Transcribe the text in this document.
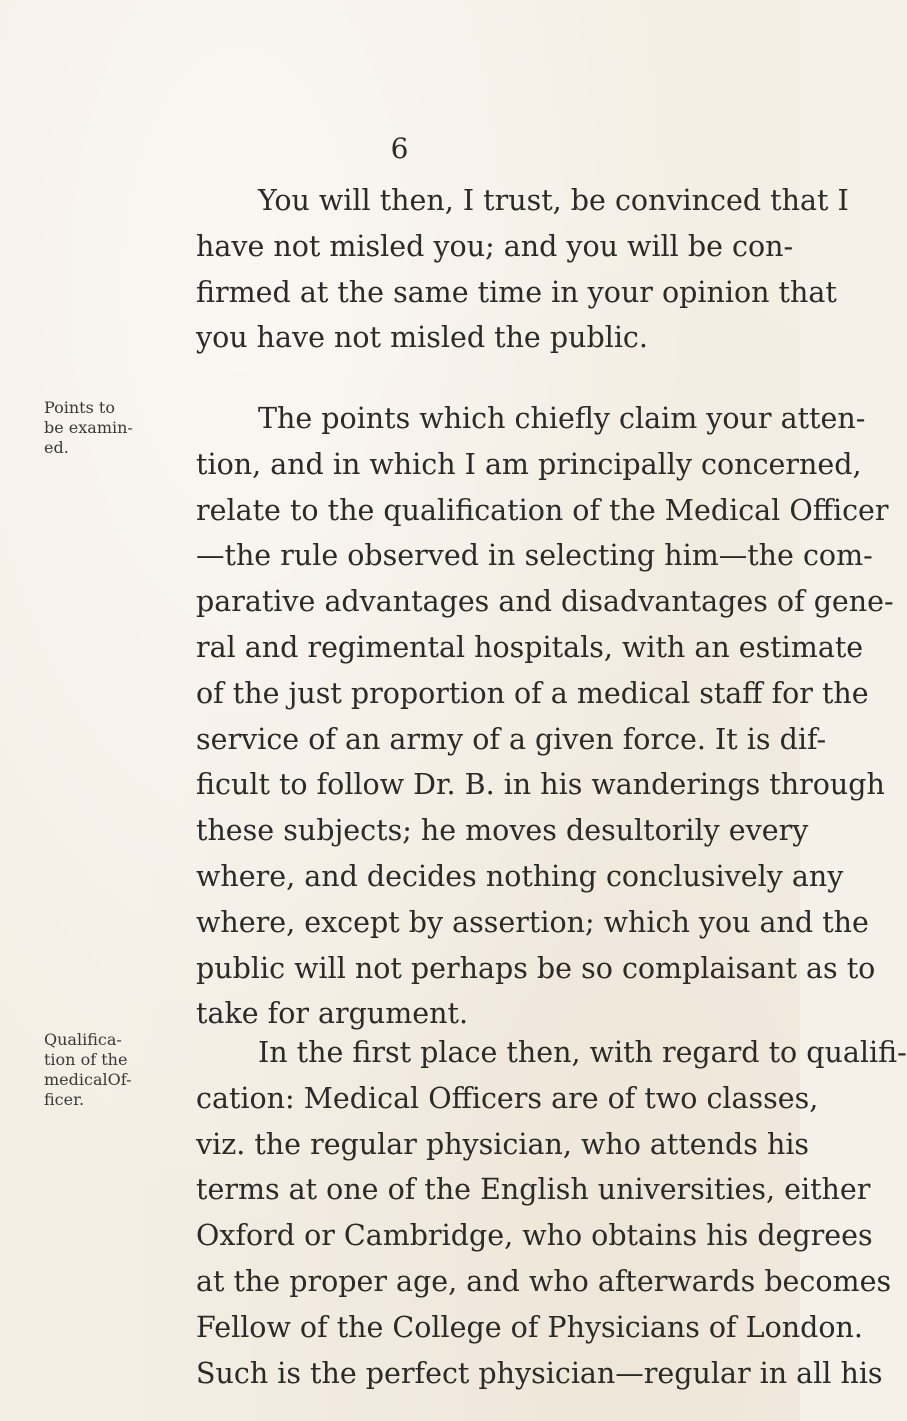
6
You will then, I trust, be convinced that I
have not misled you; and you will be con-
firmed at the same time in your opinion that
you have not misled the public.
Points to
be examin-
ed.
The points which chiefly claim your atten-
tion, and in which I am principally concerned,
relate to the qualification of the Medical Officer
—the rule observed in selecting him—the com-
parative advantages and disadvantages of gene-
ral and regimental hospitals, with an estimate
of the just proportion of a medical staff for the
service of an army of a given force. It is dif-
ficult to follow Dr. B. in his wanderings through
these subjects; he moves desultorily every
where, and decides nothing conclusively any
where, except by assertion; which you and the
public will not perhaps be so complaisant as to
take for argument.
Qualifica-
tion of the
medicalOf-
ficer.
In the first place then, with regard to qualifi-
cation: Medical Officers are of two classes,
viz. the regular physician, who attends his
terms at one of the English universities, either
Oxford or Cambridge, who obtains his degrees
at the proper age, and who afterwards becomes
Fellow of the College of Physicians of London.
Such is the perfect physician—regular in all his
